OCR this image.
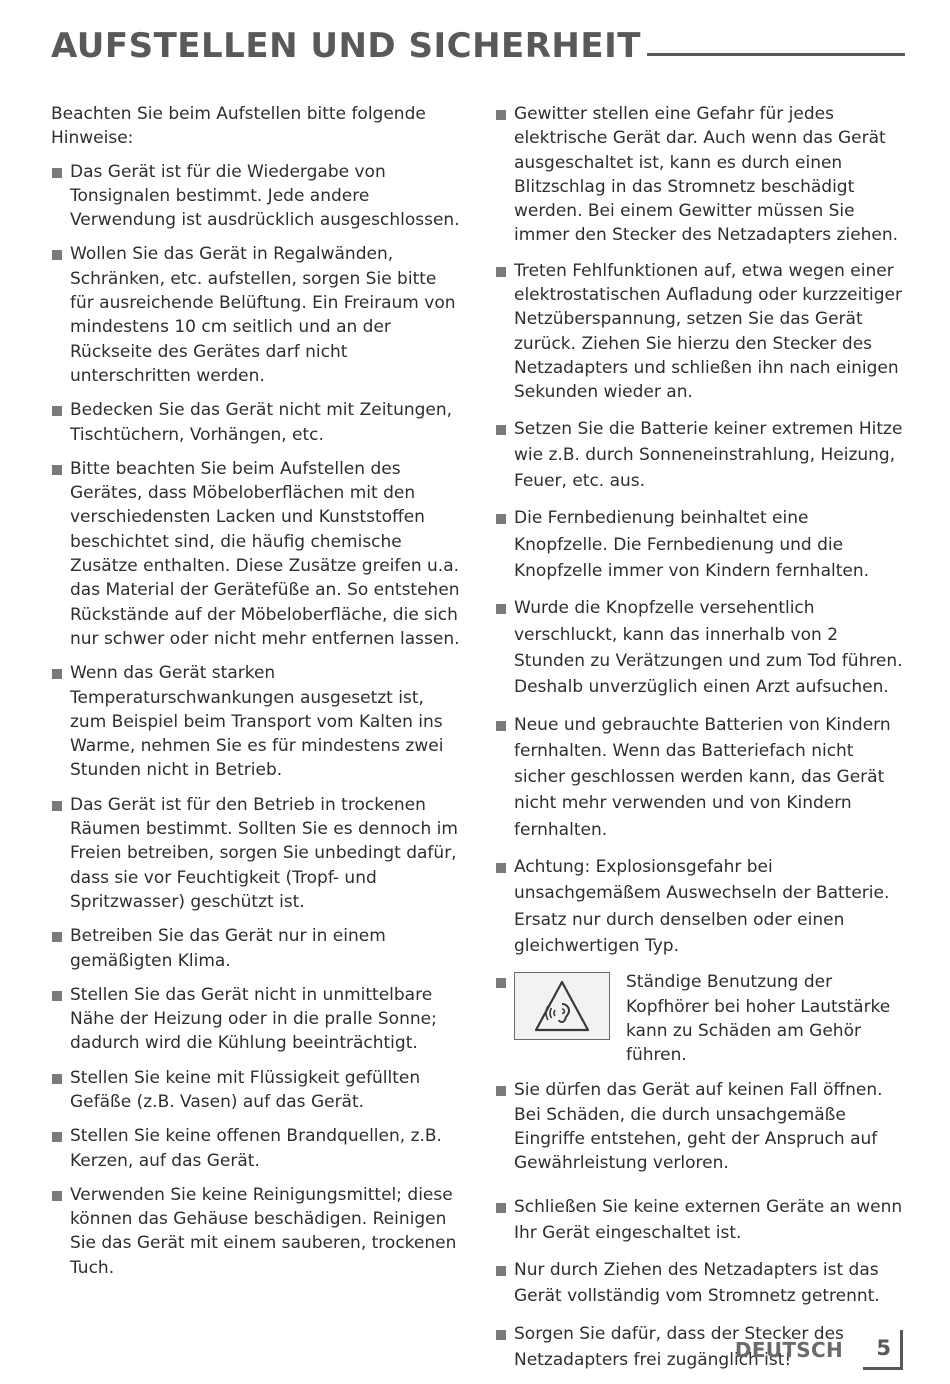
AUFSTELLEN UND SICHERHEIT

Beachten Sie beim Aufstellen bitte folgende Hinweise:

Das Gerät ist für die Wiedergabe von Tonsignalen bestimmt. Jede andere Verwendung ist ausdrücklich ausgeschlossen.
Wollen Sie das Gerät in Regalwänden, Schränken, etc. aufstellen, sorgen Sie bitte für ausreichende Belüftung. Ein Freiraum von mindestens 10 cm seitlich und an der Rückseite des Gerätes darf nicht unterschritten werden.
Bedecken Sie das Gerät nicht mit Zeitungen, Tischtüchern, Vorhängen, etc.
Bitte beachten Sie beim Aufstellen des Gerätes, dass Möbeloberflächen mit den verschiedensten Lacken und Kunststoffen beschichtet sind, die häufig chemische Zusätze enthalten. Diese Zusätze greifen u.a. das Material der Gerätefüße an. So entstehen Rückstände auf der Möbeloberfläche, die sich nur schwer oder nicht mehr entfernen lassen.
Wenn das Gerät starken Temperaturschwankungen ausgesetzt ist, zum Beispiel beim Transport vom Kalten ins Warme, nehmen Sie es für mindestens zwei Stunden nicht in Betrieb.
Das Gerät ist für den Betrieb in trockenen Räumen bestimmt. Sollten Sie es dennoch im Freien betreiben, sorgen Sie unbedingt dafür, dass sie vor Feuchtigkeit (Tropf- und Spritzwasser) geschützt ist.
Betreiben Sie das Gerät nur in einem gemäßigten Klima.
Stellen Sie das Gerät nicht in unmittelbare Nähe der Heizung oder in die pralle Sonne; dadurch wird die Kühlung beeinträchtigt.
Stellen Sie keine mit Flüssigkeit gefüllten Gefäße (z.B. Vasen) auf das Gerät.
Stellen Sie keine offenen Brandquellen, z.B. Kerzen, auf das Gerät.
Verwenden Sie keine Reinigungsmittel; diese können das Gehäuse beschädigen. Reinigen Sie das Gerät mit einem sauberen, trockenen Tuch.
Gewitter stellen eine Gefahr für jedes elektrische Gerät dar. Auch wenn das Gerät ausgeschaltet ist, kann es durch einen Blitzschlag in das Stromnetz beschädigt werden. Bei einem Gewitter müssen Sie immer den Stecker des Netzadapters ziehen.
Treten Fehlfunktionen auf, etwa wegen einer elektrostatischen Aufladung oder kurzzeitiger Netzüberspannung, setzen Sie das Gerät zurück. Ziehen Sie hierzu den Stecker des Netzadapters und schließen ihn nach einigen Sekunden wieder an.
Setzen Sie die Batterie keiner extremen Hitze wie z.B. durch Sonneneinstrahlung, Heizung, Feuer, etc. aus.
Die Fernbedienung beinhaltet eine Knopfzelle. Die Fernbedienung und die Knopfzelle immer von Kindern fernhalten.
Wurde die Knopfzelle versehentlich verschluckt, kann das innerhalb von 2 Stunden zu Verätzungen und zum Tod führen. Deshalb unverzüglich einen Arzt aufsuchen.
Neue und gebrauchte Batterien von Kindern fernhalten. Wenn das Batteriefach nicht sicher geschlossen werden kann, das Gerät nicht mehr verwenden und von Kindern fernhalten.
Achtung: Explosionsgefahr bei unsachgemäßem Auswechseln der Batterie. Ersatz nur durch denselben oder einen gleichwertigen Typ.
Ständige Benutzung der Kopfhörer bei hoher Lautstärke kann zu Schäden am Gehör führen.
Sie dürfen das Gerät auf keinen Fall öffnen. Bei Schäden, die durch unsachgemäße Eingriffe entstehen, geht der Anspruch auf Gewährleistung verloren.
Schließen Sie keine externen Geräte an wenn Ihr Gerät eingeschaltet ist.
Nur durch Ziehen des Netzadapters ist das Gerät vollständig vom Stromnetz getrennt.
Sorgen Sie dafür, dass der Stecker des Netzadapters frei zugänglich ist!
DEUTSCH 5
